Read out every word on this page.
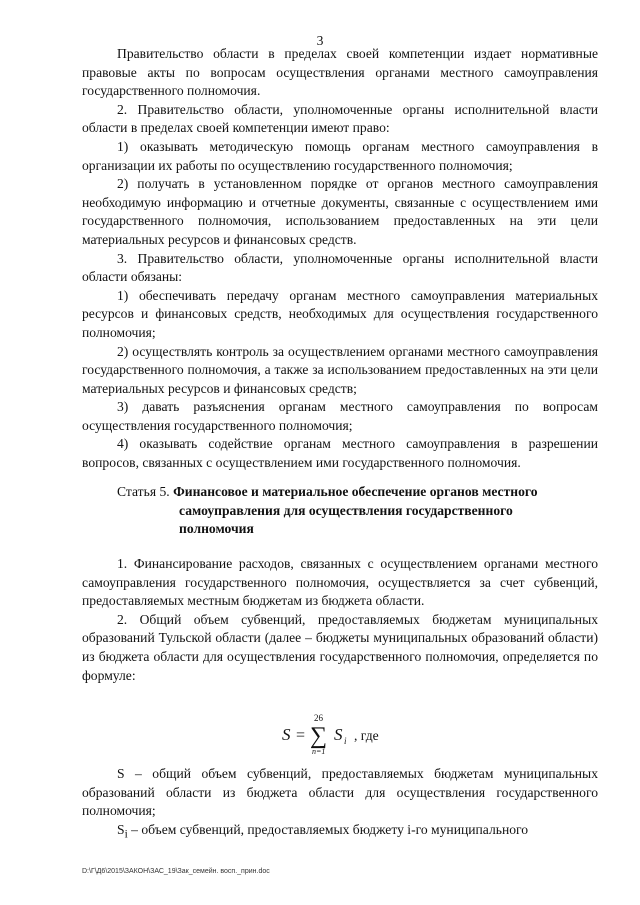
3

Правительство области в пределах своей компетенции издает нормативные правовые акты по вопросам осуществления органами местного самоуправления государственного полномочия.

2. Правительство области, уполномоченные органы исполнительной власти области в пределах своей компетенции имеют право:

1) оказывать методическую помощь органам местного самоуправления в организации их работы по осуществлению государственного полномочия;

2) получать в установленном порядке от органов местного самоуправления необходимую информацию и отчетные документы, связанные с осуществлением ими государственного полномочия, использованием предоставленных на эти цели материальных ресурсов и финансовых средств.

3. Правительство области, уполномоченные органы исполнительной власти области обязаны:

1) обеспечивать передачу органам местного самоуправления материальных ресурсов и финансовых средств, необходимых для осуществления государственного полномочия;

2) осуществлять контроль за осуществлением органами местного самоуправления государственного полномочия, а также за использованием предоставленных на эти цели материальных ресурсов и финансовых средств;

3) давать разъяснения органам местного самоуправления по вопросам осуществления государственного полномочия;

4) оказывать содействие органам местного самоуправления в разрешении вопросов, связанных с осуществлением ими государственного полномочия.

Статья 5. Финансовое и материальное обеспечение органов местного

самоуправления для осуществления государственного

полномочия

1. Финансирование расходов, связанных с осуществлением органами местного самоуправления государственного полномочия, осуществляется за счет субвенций, предоставляемых местным бюджетам из бюджета области.

2. Общий объем субвенций, предоставляемых бюджетам муниципальных образований Тульской области (далее – бюджеты муниципальных образований области) из бюджета области для осуществления государственного полномочия, определяется по формуле:

S =
26
∑
n=1
S i , где

S – общий объем субвенций, предоставляемых бюджетам муниципальных образований области из бюджета области для осуществления государственного полномочия;

$S_i$ – объем субвенций, предоставляемых бюджету i-го муниципального

D:\Г\Д6\2015\ЗАКОН\ЗАС_19\Зак_семейн. восп._прин.doc
